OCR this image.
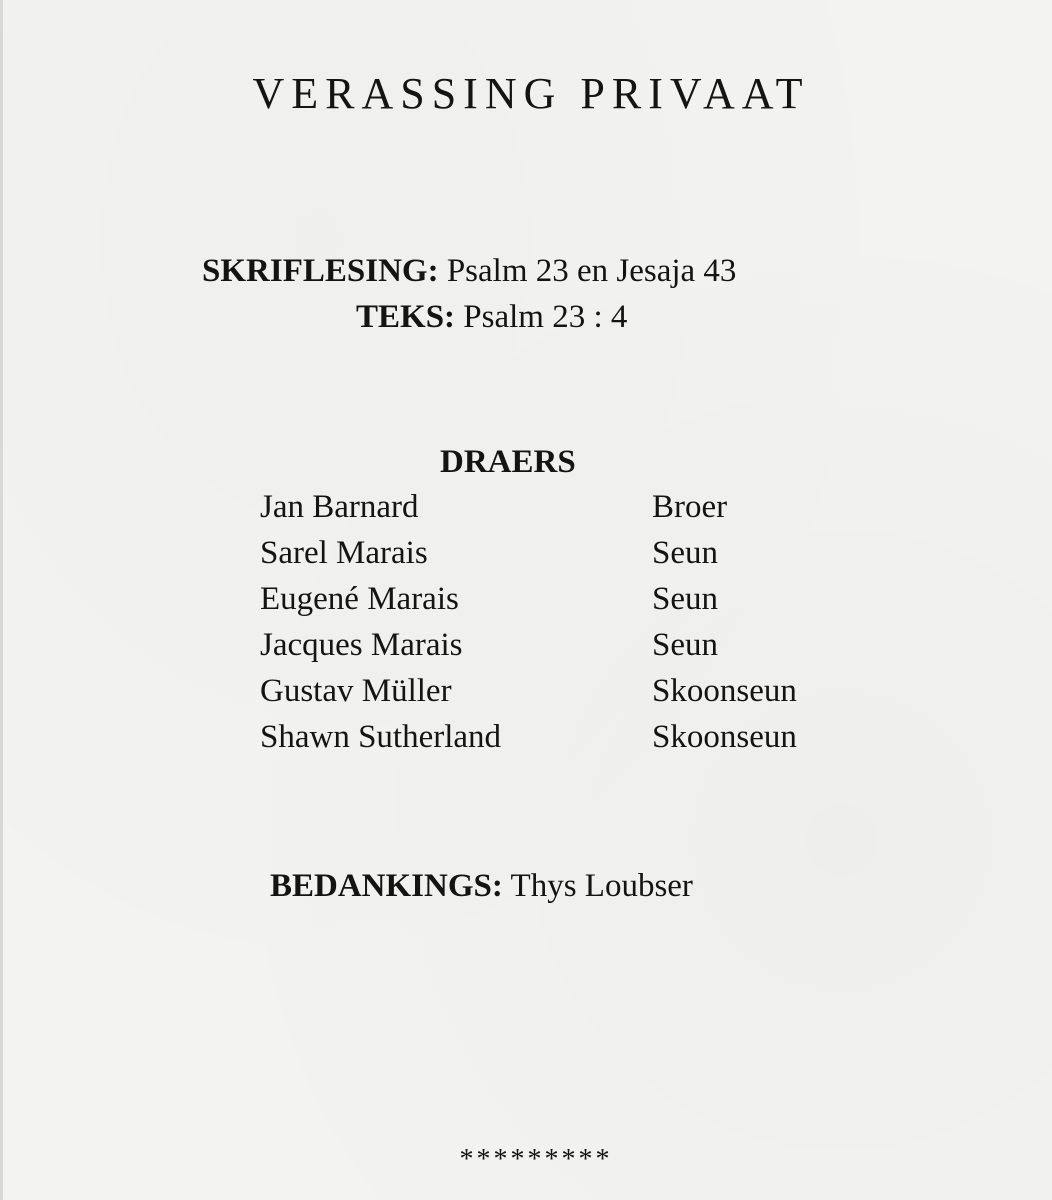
VERASSING PRIVAAT
SKRIFLESING: Psalm 23 en Jesaja 43
TEKS: Psalm 23 : 4
DRAERS
Jan Barnard	Broer
Sarel Marais	Seun
Eugené Marais	Seun
Jacques Marais	Seun
Gustav Müller	Skoonseun
Shawn Sutherland	Skoonseun
BEDANKINGS: Thys Loubser
*********
